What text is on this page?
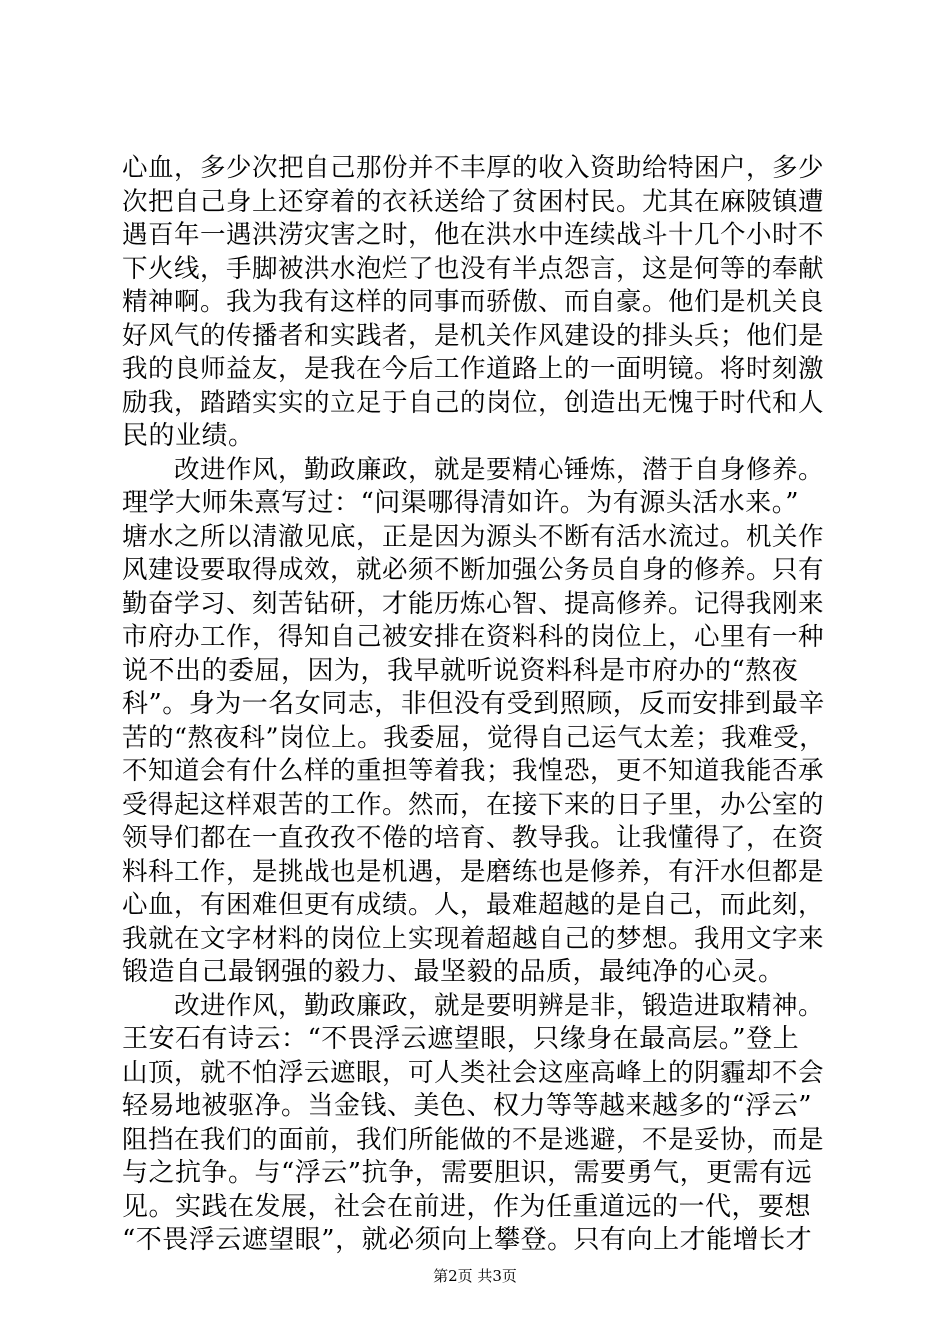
心血，多少次把自己那份并不丰厚的收入资助给特困户，多少
次把自己身上还穿着的衣袄送给了贫困村民。尤其在麻陂镇遭
遇百年一遇洪涝灾害之时，他在洪水中连续战斗十几个小时不
下火线，手脚被洪水泡烂了也没有半点怨言，这是何等的奉献
精神啊。我为我有这样的同事而骄傲、而自豪。他们是机关良
好风气的传播者和实践者，是机关作风建设的排头兵；他们是
我的良师益友，是我在今后工作道路上的一面明镜。将时刻激
励我，踏踏实实的立足于自己的岗位，创造出无愧于时代和人
民的业绩。
　　改进作风，勤政廉政，就是要精心锤炼，潜于自身修养。
理学大师朱熹写过：“问渠哪得清如许。为有源头活水来。”
塘水之所以清澈见底，正是因为源头不断有活水流过。机关作
风建设要取得成效，就必须不断加强公务员自身的修养。只有
勤奋学习、刻苦钻研，才能历炼心智、提高修养。记得我刚来
市府办工作，得知自己被安排在资料科的岗位上，心里有一种
说不出的委屈，因为，我早就听说资料科是市府办的“熬夜
科”。身为一名女同志，非但没有受到照顾，反而安排到最辛
苦的“熬夜科”岗位上。我委屈，觉得自己运气太差；我难受，
不知道会有什么样的重担等着我；我惶恐，更不知道我能否承
受得起这样艰苦的工作。然而，在接下来的日子里，办公室的
领导们都在一直孜孜不倦的培育、教导我。让我懂得了，在资
料科工作，是挑战也是机遇，是磨练也是修养，有汗水但都是
心血，有困难但更有成绩。人，最难超越的是自己，而此刻，
我就在文字材料的岗位上实现着超越自己的梦想。我用文字来
锻造自己最钢强的毅力、最坚毅的品质，最纯净的心灵。
　　改进作风，勤政廉政，就是要明辨是非，锻造进取精神。
王安石有诗云：“不畏浮云遮望眼，只缘身在最高层。”登上
山顶，就不怕浮云遮眼，可人类社会这座高峰上的阴霾却不会
轻易地被驱净。当金钱、美色、权力等等越来越多的“浮云”
阻挡在我们的面前，我们所能做的不是逃避，不是妥协，而是
与之抗争。与“浮云”抗争，需要胆识，需要勇气，更需有远
见。实践在发展，社会在前进，作为任重道远的一代，要想
“不畏浮云遮望眼”，就必须向上攀登。只有向上才能增长才
第2页 共3页
